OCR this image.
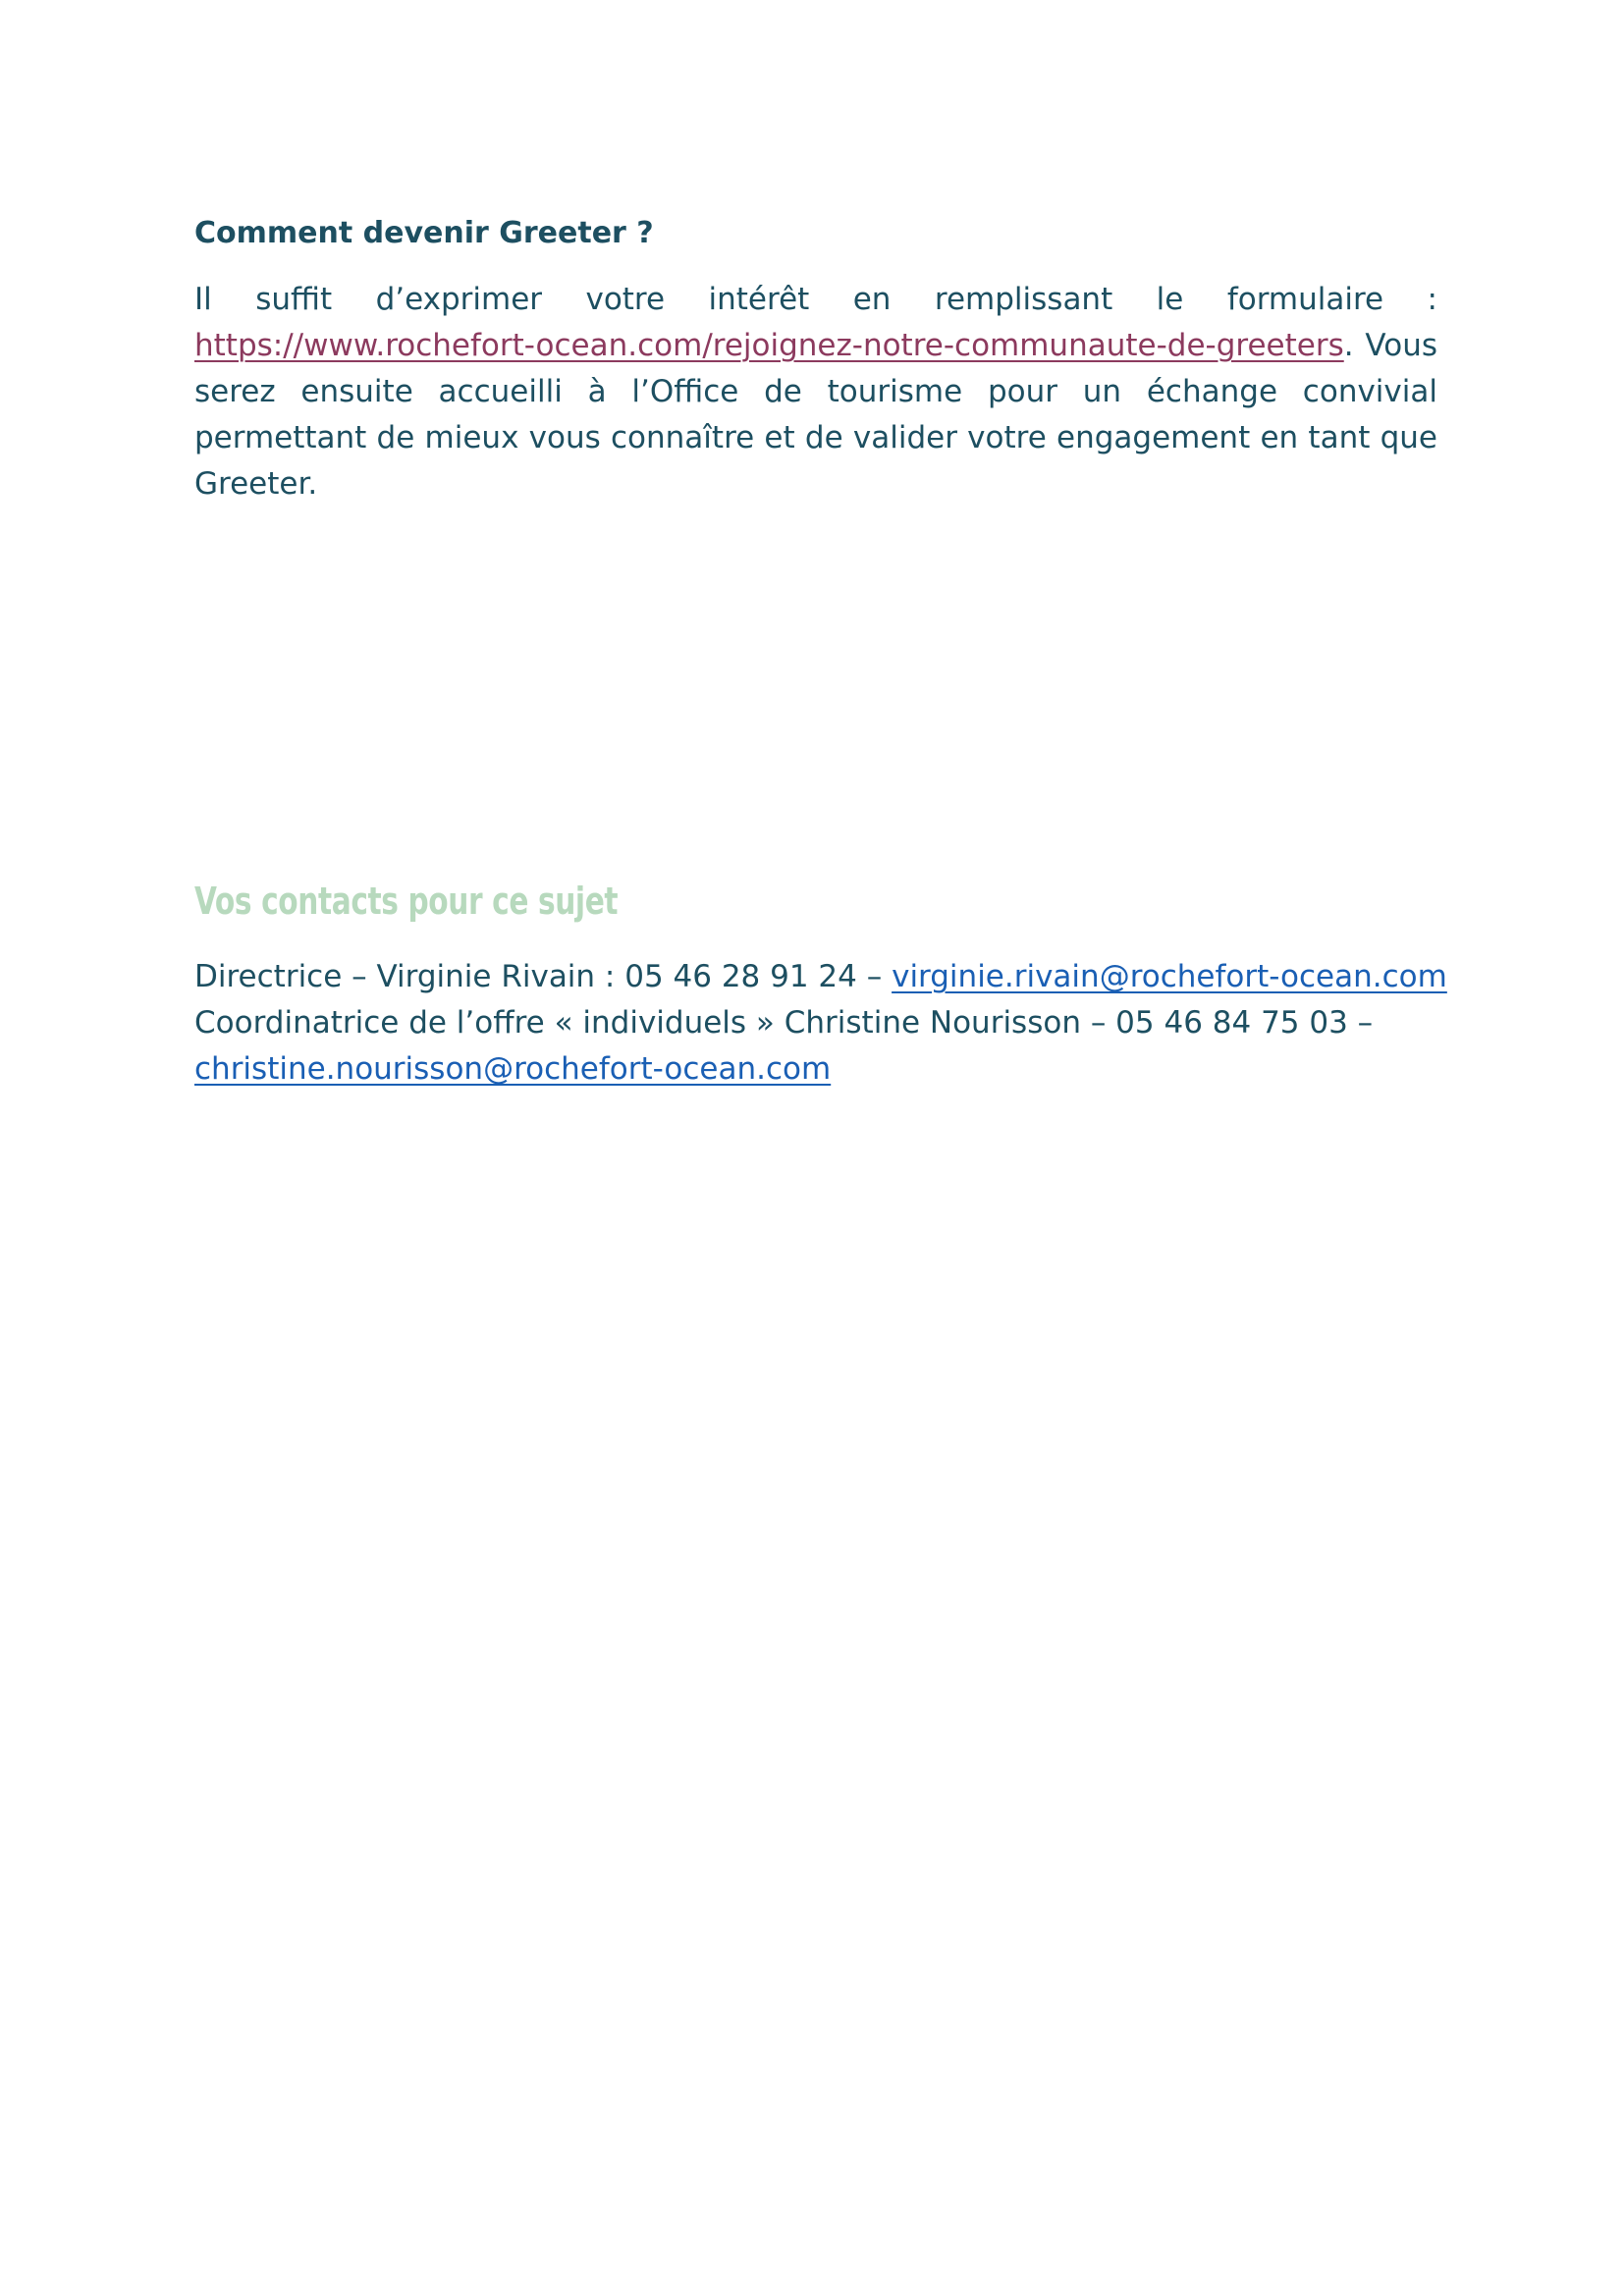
Comment devenir Greeter ?

Il suffit d’exprimer votre intérêt en remplissant le formulaire : https://www.rochefort-ocean.com/rejoignez-notre-communaute-de-greeters. Vous serez ensuite accueilli à l’Office de tourisme pour un échange convivial permettant de mieux vous connaître et de valider votre engagement en tant que Greeter.

Vos contacts pour ce sujet

Directrice – Virginie Rivain : 05 46 28 91 24 – virginie.rivain@rochefort-ocean.com

Coordinatrice de l’offre « individuels » Christine Nourisson – 05 46 84 75 03 –

christine.nourisson@rochefort-ocean.com
